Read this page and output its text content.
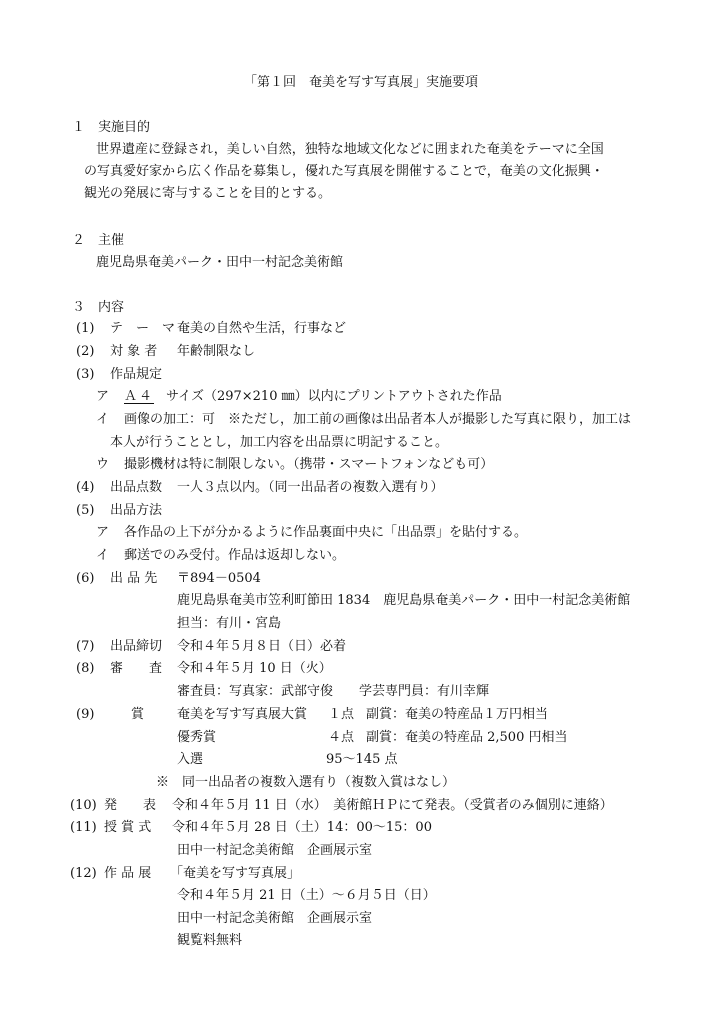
「第１回　奄美を写す写真展」実施要項
１　実施目的
世界遺産に登録され，美しい自然，独特な地域文化などに囲まれた奄美をテーマに全国
の写真愛好家から広く作品を募集し，優れた写真展を開催することで，奄美の文化振興・
観光の発展に寄与することを目的とする。
２　主催
鹿児島県奄美パーク・田中一村記念美術館
３　内容
(1) テ　ー　マ 奄美の自然や生活，行事など
(2) 対 象 者 年齢制限なし
(3) 作品規定
ア Ａ４ サイズ（297×210 ㎜）以内にプリントアウトされた作品
イ 画像の加工：可　※ただし，加工前の画像は出品者本人が撮影した写真に限り，加工は
本人が行うこととし，加工内容を出品票に明記すること。
ウ 撮影機材は特に制限しない。（携帯・スマートフォンなども可）
(4) 出品点数 一人３点以内。（同一出品者の複数入選有り）
(5) 出品方法
ア 各作品の上下が分かるように作品裏面中央に「出品票」を貼付する。
イ 郵送でのみ受付。作品は返却しない。
(6) 出 品 先 〒894－0504
鹿児島県奄美市笠利町節田 1834　鹿児島県奄美パーク・田中一村記念美術館
担当：有川・宮島
(7) 出品締切 令和４年５月８日（日）必着
(8) 審　　査 令和４年５月 10 日（火）
審査員：写真家：武部守俊　　学芸専門員：有川幸輝
(9)	賞	奄美を写す写真展大賞 １点 副賞：奄美の特産品１万円相当
優秀賞	４点 副賞：奄美の特産品 2,500 円相当
入選	95～145 点
※　同一出品者の複数入選有り（複数入賞はなし）
(10) 発　　表 令和４年５月 11 日（水）　美術館ＨＰにて発表。（受賞者のみ個別に連絡）
(11) 授 賞 式 令和４年５月 28 日（土）14：00～15：00
田中一村記念美術館　企画展示室
(12) 作 品 展 「奄美を写す写真展」
令和４年５月 21 日（土）～６月５日（日）
田中一村記念美術館　企画展示室
観覧料無料
